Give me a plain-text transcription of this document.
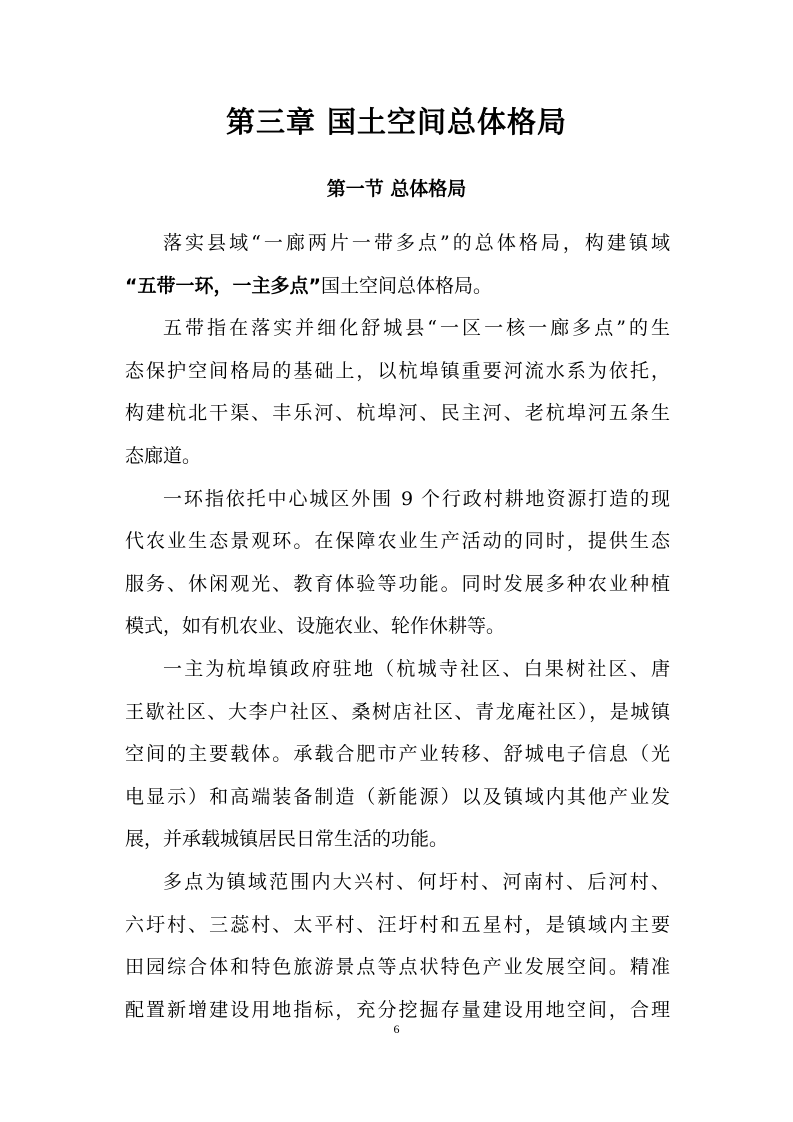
第三章 国土空间总体格局
第一节 总体格局

落实县域“一廊两片一带多点”的总体格局，构建镇域
“五带一环，一主多点”国土空间总体格局。

五带指在落实并细化舒城县“一区一核一廊多点”的生
态保护空间格局的基础上，以杭埠镇重要河流水系为依托，
构建杭北干渠、丰乐河、杭埠河、民主河、老杭埠河五条生
态廊道。

一环指依托中心城区外围 9 个行政村耕地资源打造的现
代农业生态景观环。在保障农业生产活动的同时，提供生态
服务、休闲观光、教育体验等功能。同时发展多种农业种植
模式，如有机农业、设施农业、轮作休耕等。

一主为杭埠镇政府驻地（杭城寺社区、白果树社区、唐
王歇社区、大李户社区、桑树店社区、青龙庵社区），是城镇
空间的主要载体。承载合肥市产业转移、舒城电子信息（光
电显示）和高端装备制造（新能源）以及镇域内其他产业发
展，并承载城镇居民日常生活的功能。

多点为镇域范围内大兴村、何圩村、河南村、后河村、
六圩村、三蕊村、太平村、汪圩村和五星村，是镇域内主要
田园综合体和特色旅游景点等点状特色产业发展空间。精准
配置新增建设用地指标，充分挖掘存量建设用地空间，合理

6
